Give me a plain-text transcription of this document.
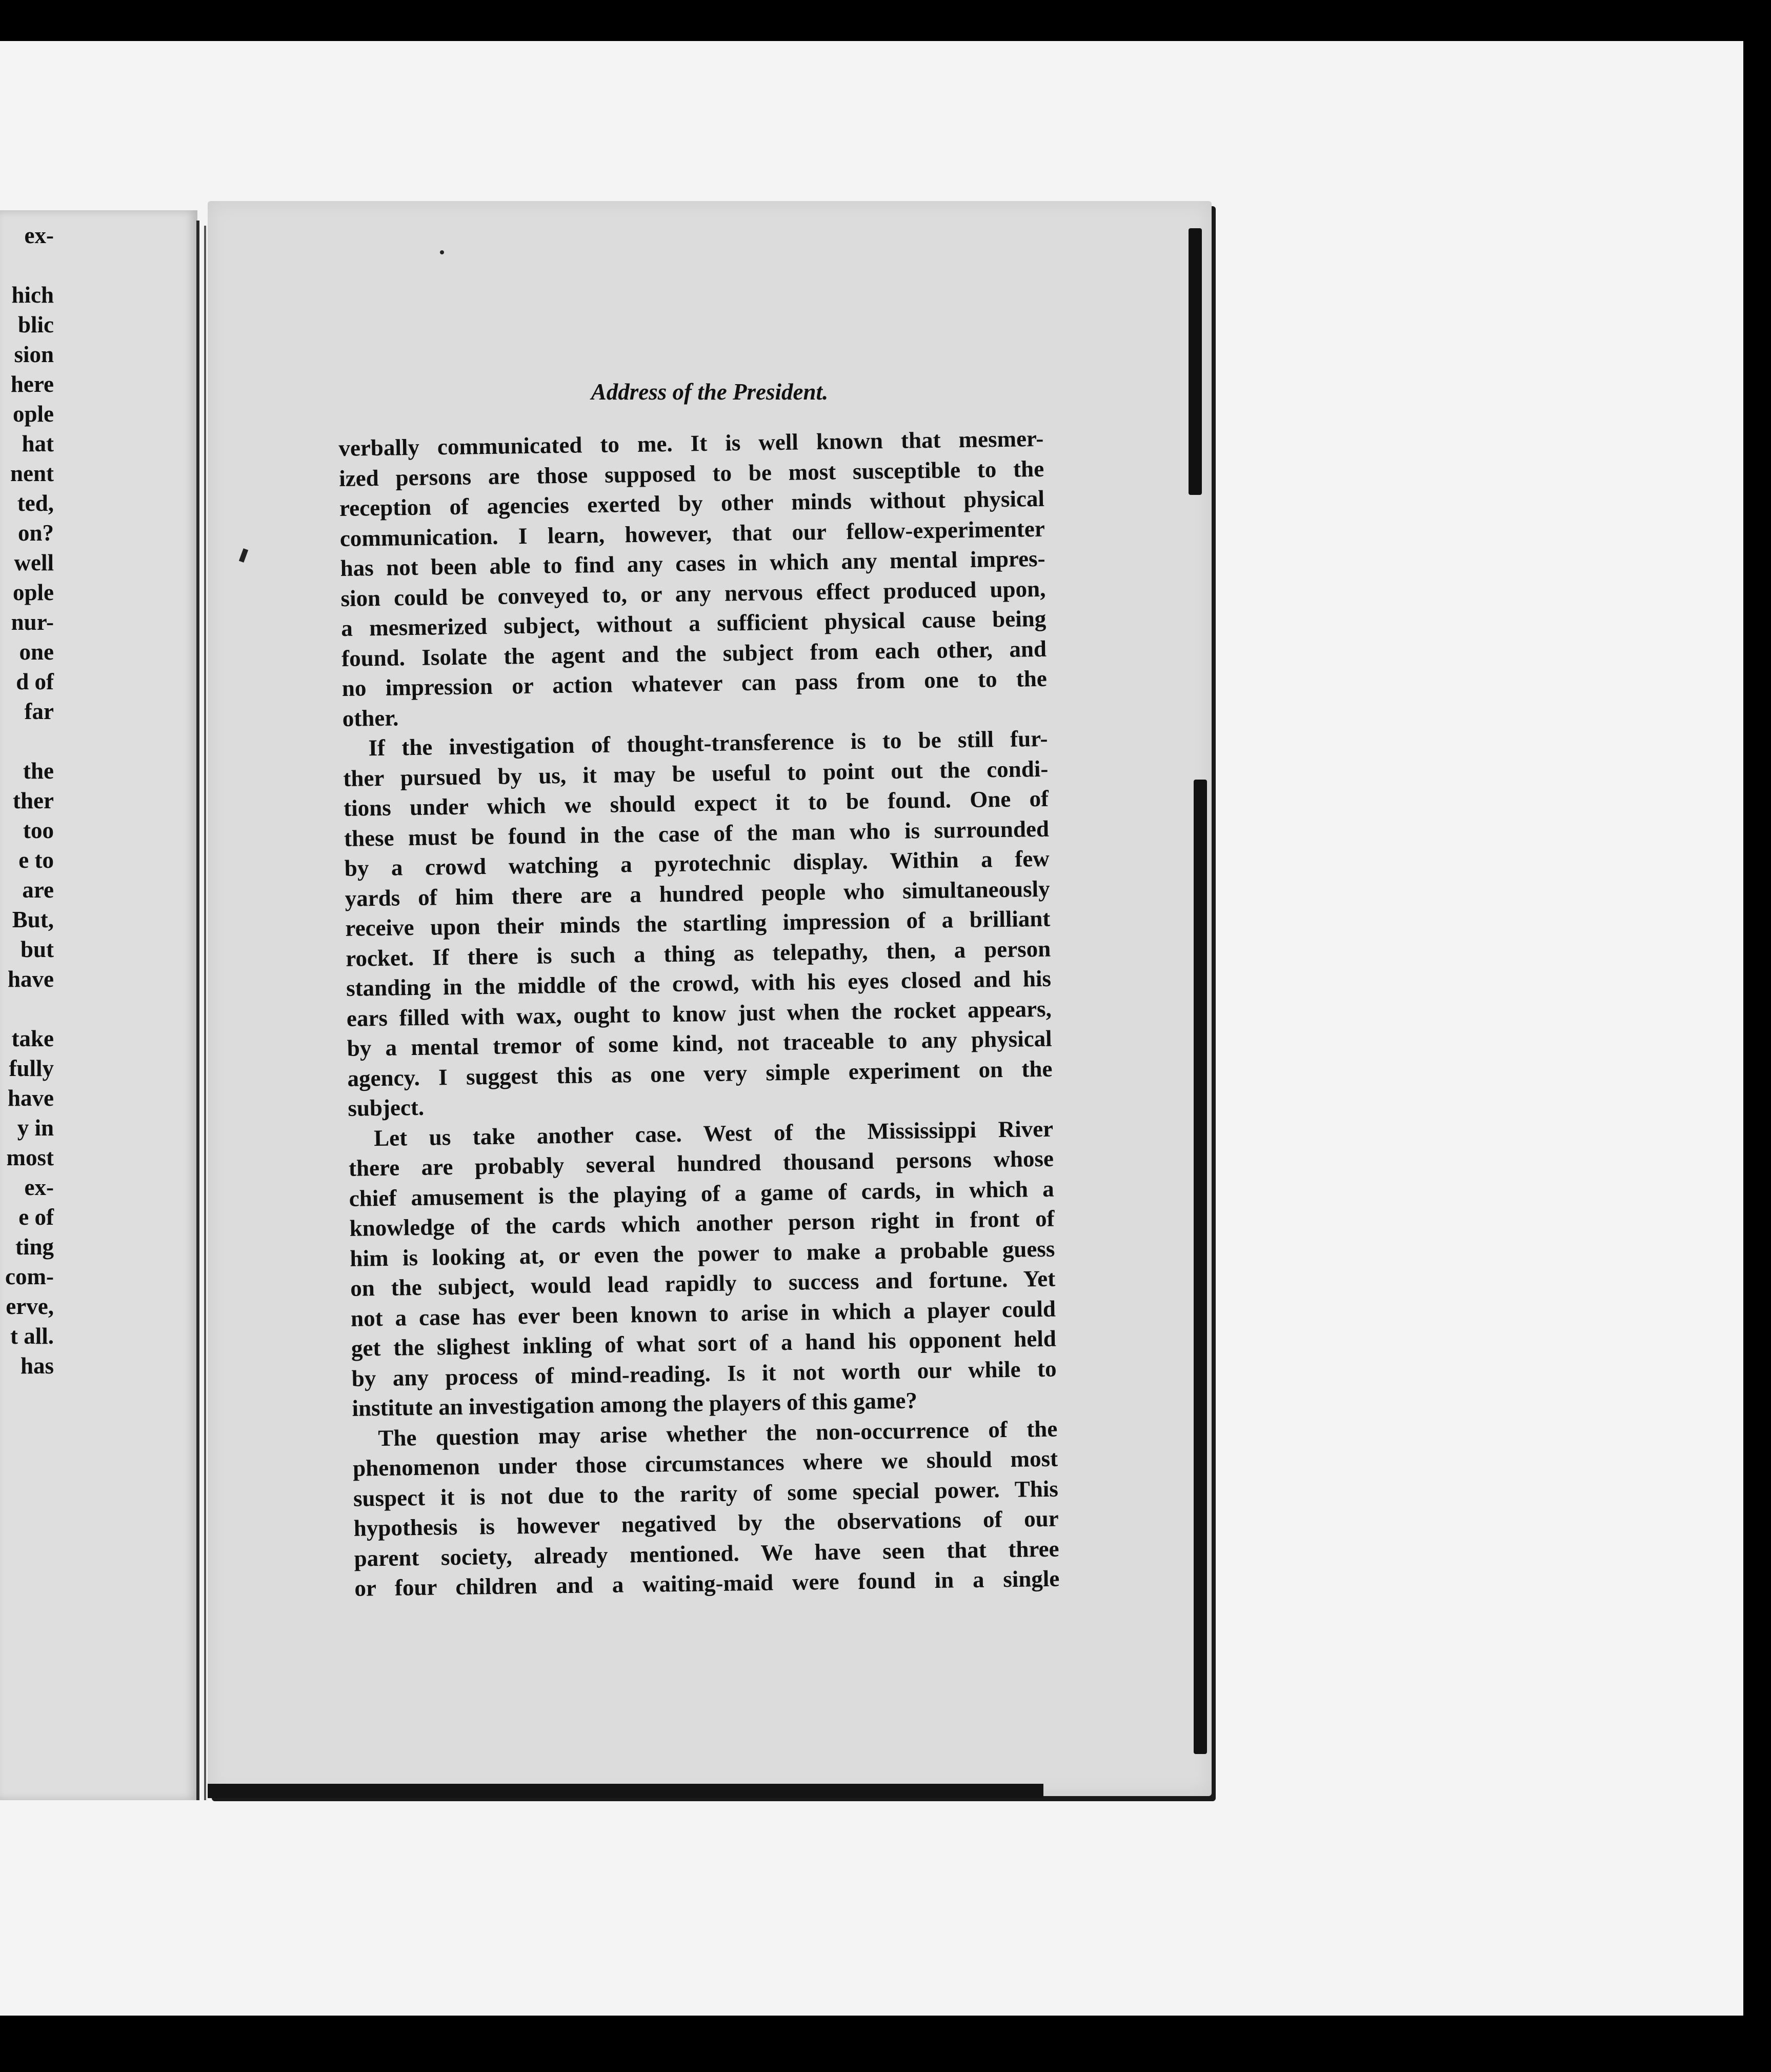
ex-
hich
blic
sion
here
ople
hat
nent
ted,
on?
well
ople
nur-
one
d of
far
the
ther
too
e to
are
But,
but
have
take
fully
have
y in
most
ex-
e of
ting
com-
erve,
t all.
has
Address of the President.
verbally communicated to me. It is well known that mesmer-
ized persons are those supposed to be most susceptible to the
reception of agencies exerted by other minds without physical
communication. I learn, however, that our fellow-experimenter
has not been able to find any cases in which any mental impres-
sion could be conveyed to, or any nervous effect produced upon,
a mesmerized subject, without a sufficient physical cause being
found. Isolate the agent and the subject from each other, and
no impression or action whatever can pass from one to the
other.
If the investigation of thought-transference is to be still fur-
ther pursued by us, it may be useful to point out the condi-
tions under which we should expect it to be found. One of
these must be found in the case of the man who is surrounded
by a crowd watching a pyrotechnic display. Within a few
yards of him there are a hundred people who simultaneously
receive upon their minds the startling impression of a brilliant
rocket. If there is such a thing as telepathy, then, a person
standing in the middle of the crowd, with his eyes closed and his
ears filled with wax, ought to know just when the rocket appears,
by a mental tremor of some kind, not traceable to any physical
agency. I suggest this as one very simple experiment on the
subject.
Let us take another case. West of the Mississippi River
there are probably several hundred thousand persons whose
chief amusement is the playing of a game of cards, in which a
knowledge of the cards which another person right in front of
him is looking at, or even the power to make a probable guess
on the subject, would lead rapidly to success and fortune. Yet
not a case has ever been known to arise in which a player could
get the slighest inkling of what sort of a hand his opponent held
by any process of mind-reading. Is it not worth our while to
institute an investigation among the players of this game?
The question may arise whether the non-occurrence of the
phenomenon under those circumstances where we should most
suspect it is not due to the rarity of some special power. This
hypothesis is however negatived by the observations of our
parent society, already mentioned. We have seen that three
or four children and a waiting-maid were found in a single
